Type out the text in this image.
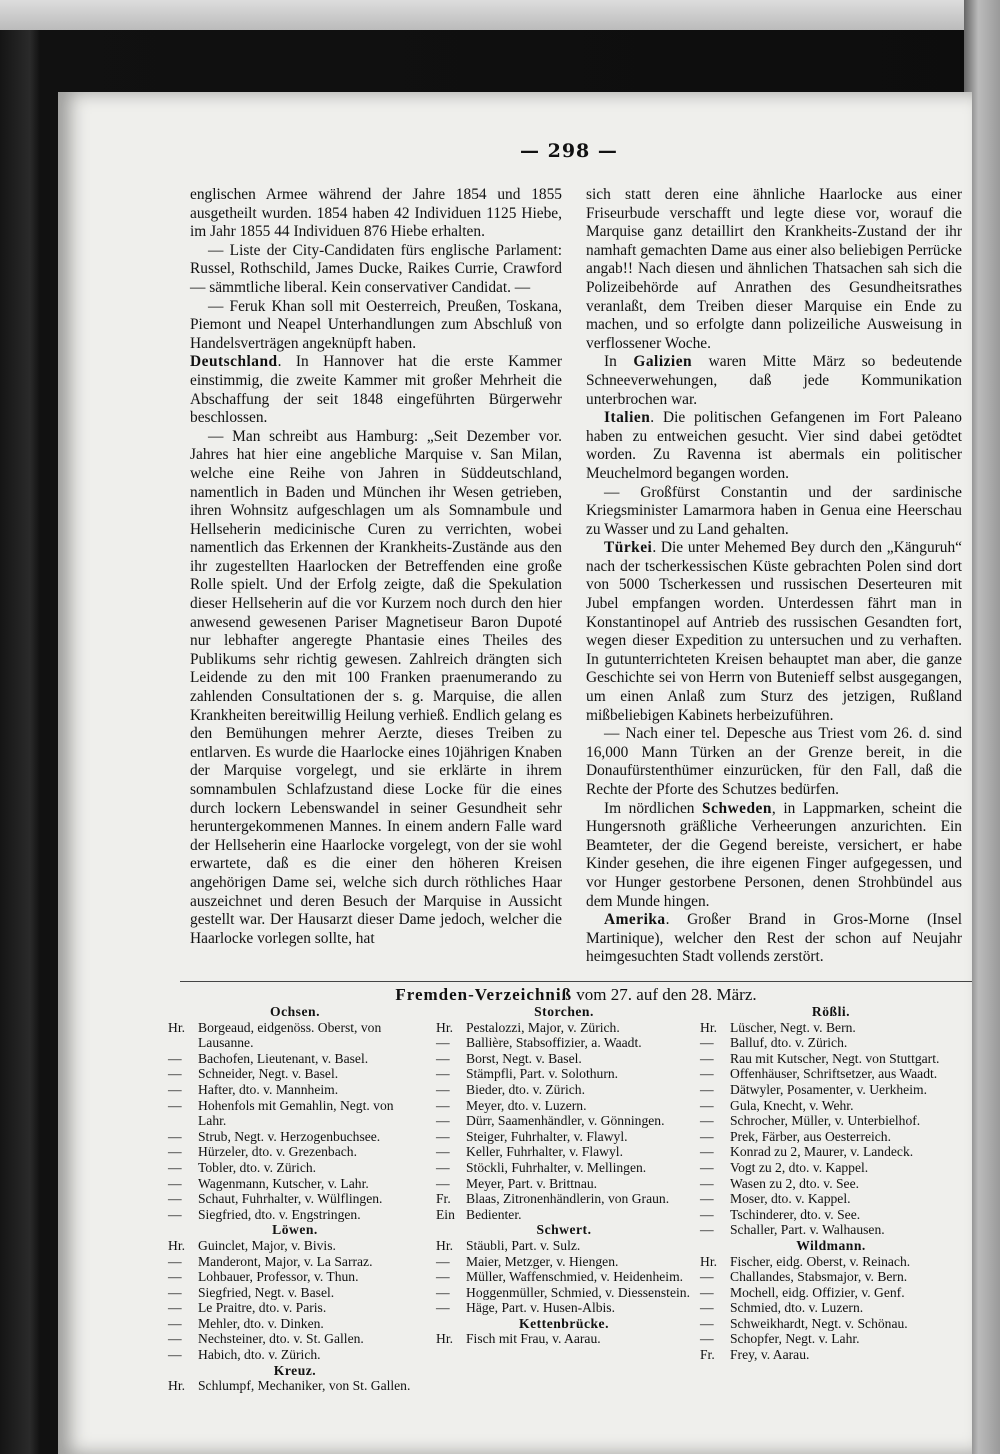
— 298 —

englischen Armee während der Jahre 1854 und 1855 ausgetheilt wurden. 1854 haben 42 Individuen 1125 Hiebe, im Jahr 1855 44 Individuen 876 Hiebe erhalten.

— Liste der City-Candidaten fürs englische Parlament: Russel, Rothschild, James Ducke, Raikes Currie, Crawford — sämmtliche liberal. Kein conservativer Candidat. —

— Feruk Khan soll mit Oesterreich, Preußen, Toskana, Piemont und Neapel Unterhandlungen zum Abschluß von Handelsverträgen angeknüpft haben.

Deutschland. In Hannover hat die erste Kammer einstimmig, die zweite Kammer mit großer Mehrheit die Abschaffung der seit 1848 eingeführten Bürgerwehr beschlossen.

— Man schreibt aus Hamburg: „Seit Dezember vor. Jahres hat hier eine angebliche Marquise v. San Milan, welche eine Reihe von Jahren in Süddeutschland, namentlich in Baden und München ihr Wesen getrieben, ihren Wohnsitz aufgeschlagen um als Somnambule und Hellseherin medicinische Curen zu verrichten, wobei namentlich das Erkennen der Krankheits-Zustände aus den ihr zugestellten Haarlocken der Betreffenden eine große Rolle spielt. Und der Erfolg zeigte, daß die Spekulation dieser Hellseherin auf die vor Kurzem noch durch den hier anwesend gewesenen Pariser Magnetiseur Baron Dupoté nur lebhafter angeregte Phantasie eines Theiles des Publikums sehr richtig gewesen. Zahlreich drängten sich Leidende zu den mit 100 Franken praenumerando zu zahlenden Consultationen der s. g. Marquise, die allen Krankheiten bereitwillig Heilung verhieß. Endlich gelang es den Bemühungen mehrer Aerzte, dieses Treiben zu entlarven. Es wurde die Haarlocke eines 10jährigen Knaben der Marquise vorgelegt, und sie erklärte in ihrem somnambulen Schlafzustand diese Locke für die eines durch lockern Lebenswandel in seiner Gesundheit sehr heruntergekommenen Mannes. In einem andern Falle ward der Hellseherin eine Haarlocke vorgelegt, von der sie wohl erwartete, daß es die einer den höheren Kreisen angehörigen Dame sei, welche sich durch röthliches Haar auszeichnet und deren Besuch der Marquise in Aussicht gestellt war. Der Hausarzt dieser Dame jedoch, welcher die Haarlocke vorlegen sollte, hat

sich statt deren eine ähnliche Haarlocke aus einer Friseurbude verschafft und legte diese vor, worauf die Marquise ganz detaillirt den Krankheits-Zustand der ihr namhaft gemachten Dame aus einer also beliebigen Perrücke angab!! Nach diesen und ähnlichen Thatsachen sah sich die Polizeibehörde auf Anrathen des Gesundheitsrathes veranlaßt, dem Treiben dieser Marquise ein Ende zu machen, und so erfolgte dann polizeiliche Ausweisung in verflossener Woche.

In Galizien waren Mitte März so bedeutende Schneeverwehungen, daß jede Kommunikation unterbrochen war.

Italien. Die politischen Gefangenen im Fort Paleano haben zu entweichen gesucht. Vier sind dabei getödtet worden. Zu Ravenna ist abermals ein politischer Meuchelmord begangen worden.

— Großfürst Constantin und der sardinische Kriegsminister Lamarmora haben in Genua eine Heerschau zu Wasser und zu Land gehalten.

Türkei. Die unter Mehemed Bey durch den „Känguruh“ nach der tscherkessischen Küste gebrachten Polen sind dort von 5000 Tscherkessen und russischen Deserteuren mit Jubel empfangen worden. Unterdessen fährt man in Konstantinopel auf Antrieb des russischen Gesandten fort, wegen dieser Expedition zu untersuchen und zu verhaften. In gutunterrichteten Kreisen behauptet man aber, die ganze Geschichte sei von Herrn von Buteniеff selbst ausgegangen, um einen Anlaß zum Sturz des jetzigen, Rußland mißbeliebigen Kabinets herbeizuführen.

— Nach einer tel. Depesche aus Triest vom 26. d. sind 16,000 Mann Türken an der Grenze bereit, in die Donaufürstenthümer einzurücken, für den Fall, daß die Rechte der Pforte des Schutzes bedürfen.

Im nördlichen Schweden, in Lappmarken, scheint die Hungersnoth gräßliche Verheerungen anzurichten. Ein Beamteter, der die Gegend bereiste, versichert, er habe Kinder gesehen, die ihre eigenen Finger aufgegessen, und vor Hunger gestorbene Personen, denen Strohbündel aus dem Munde hingen.

Amerika. Großer Brand in Gros-Morne (Insel Martinique), welcher den Rest der schon auf Neujahr heimgesuchten Stadt vollends zerstört.

Fremden-Verzeichniß vom 27. auf den 28. März.
Ochsen.
Hr. Borgeaud, eidgenöss. Oberst, von Lausanne.
—	Bachofen, Lieutenant, v. Basel.
—	Schneider, Negt. v. Basel.
—	Hafter, dto. v. Mannheim.
—	Hohenfols mit Gemahlin, Negt. von Lahr.
—	Strub, Negt. v. Herzogenbuchsee.
—	Hürzeler, dto. v. Grezenbach.
—	Tobler, dto. v. Zürich.
—	Wagenmann, Kutscher, v. Lahr.
—	Schaut, Fuhrhalter, v. Wülflingen.
—	Siegfried, dto. v. Engstringen.
Löwen.
Hr. Guinclet, Major, v. Bivis.
—	Manderont, Major, v. La Sarraz.
—	Lohbauer, Professor, v. Thun.
—	Siegfried, Negt. v. Basel.
—	Le Praitre, dto. v. Paris.
—	Mehler, dto. v. Dinken.
—	Nechsteiner, dto. v. St. Gallen.
—	Habich, dto. v. Zürich.
Kreuz.
Hr. Schlumpf, Mechaniker, von St. Gallen.
Storchen.
Hr. Pestalozzi, Major, v. Zürich.
—	Ballière, Stabsoffizier, a. Waadt.
—	Borst, Negt. v. Basel.
—	Stämpfli, Part. v. Solothurn.
—	Bieder, dto. v. Zürich.
—	Meyer, dto. v. Luzern.
—	Dürr, Saamenhändler, v. Gönningen.
—	Steiger, Fuhrhalter, v. Flawyl.
—	Keller, Fuhrhalter, v. Flawyl.
—	Stöckli, Fuhrhalter, v. Mellingen.
—	Meyer, Part. v. Brittnau.
Fr.	Blaas, Zitronenhändlerin, von Graun.
Ein Bedienter.
Schwert.
Hr. Stäubli, Part. v. Sulz.
—	Maier, Metzger, v. Hiengen.
—	Müller, Waffenschmied, v. Heidenheim.
—	Hoggenmüller, Schmied, v. Diessenstein.
—	Häge, Part. v. Husen-Albis.
Kettenbrücke.
Hr. Fisch mit Frau, v. Aarau.
Rößli.
Hr. Lüscher, Negt. v. Bern.
—	Balluf, dto. v. Zürich.
—	Rau mit Kutscher, Negt. von Stuttgart.
—	Offenhäuser, Schriftsetzer, aus Waadt.
—	Dätwyler, Posamenter, v. Uerkheim.
—	Gula, Knecht, v. Wehr.
—	Schrocher, Müller, v. Unterbielhof.
—	Prek, Färber, aus Oesterreich.
—	Konrad zu 2, Maurer, v. Landeck.
—	Vogt zu 2, dto. v. Kappel.
—	Wasen zu 2, dto. v. See.
—	Moser, dto. v. Kappel.
—	Tschinderer, dto. v. See.
—	Schaller, Part. v. Walhausen.
Wildmann.
Hr. Fischer, eidg. Oberst, v. Reinach.
—	Challandes, Stabsmajor, v. Bern.
—	Mochell, eidg. Offizier, v. Genf.
—	Schmied, dto. v. Luzern.
—	Schweikhardt, Negt. v. Schönau.
—	Schopfer, Negt. v. Lahr.
Fr.	Frey, v. Aarau.
